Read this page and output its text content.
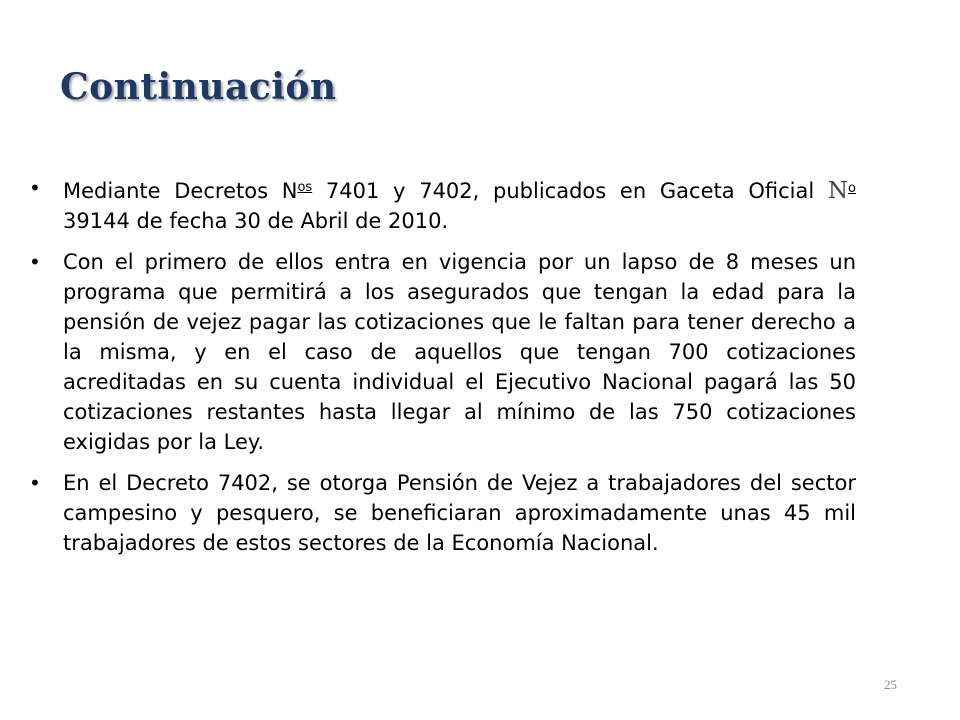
Continuación
• Mediante Decretos $N^{os}$ 7401 y 7402, publicados en Gaceta Oficial $N^o$ 39144 de fecha 30 de Abril de 2010.
• Con el primero de ellos entra en vigencia por un lapso de 8 meses un programa que permitirá a los asegurados que tengan la edad para la pensión de vejez pagar las cotizaciones que le faltan para tener derecho a la misma, y en el caso de aquellos que tengan 700 cotizaciones acreditadas en su cuenta individual el Ejecutivo Nacional pagará las 50 cotizaciones restantes hasta llegar al mínimo de las 750 cotizaciones exigidas por la Ley.
• En el Decreto 7402, se otorga Pensión de Vejez a trabajadores del sector campesino y pesquero, se beneficiaran aproximadamente unas 45 mil trabajadores de estos sectores de la Economía Nacional.
25
